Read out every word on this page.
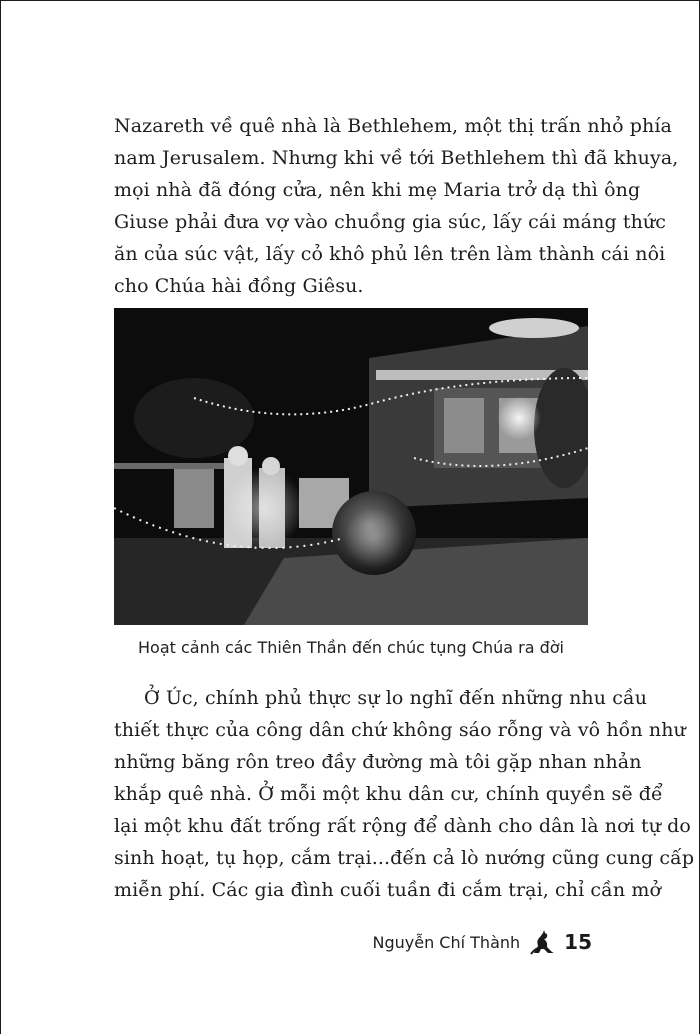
Nazareth về quê nhà là Bethlehem, một thị trấn nhỏ phía
nam Jerusalem. Nhưng khi về tới Bethlehem thì đã khuya,
mọi nhà đã đóng cửa, nên khi mẹ Maria trở dạ thì ông
Giuse phải đưa vợ vào chuồng gia súc, lấy cái máng thức
ăn của súc vật, lấy cỏ khô phủ lên trên làm thành cái nôi
cho Chúa hài đồng Giêsu.
Hoạt cảnh các Thiên Thần đến chúc tụng Chúa ra đời
Ở Úc, chính phủ thực sự lo nghĩ đến những nhu cầu
thiết thực của công dân chứ không sáo rỗng và vô hồn như
những băng rôn treo đầy đường mà tôi gặp nhan nhản
khắp quê nhà. Ở mỗi một khu dân cư, chính quyền sẽ để
lại một khu đất trống rất rộng để dành cho dân là nơi tự do
sinh hoạt, tụ họp, cắm trại...đến cả lò nướng cũng cung cấp
miễn phí. Các gia đình cuối tuần đi cắm trại, chỉ cần mở
Nguyễn Chí Thành 15
